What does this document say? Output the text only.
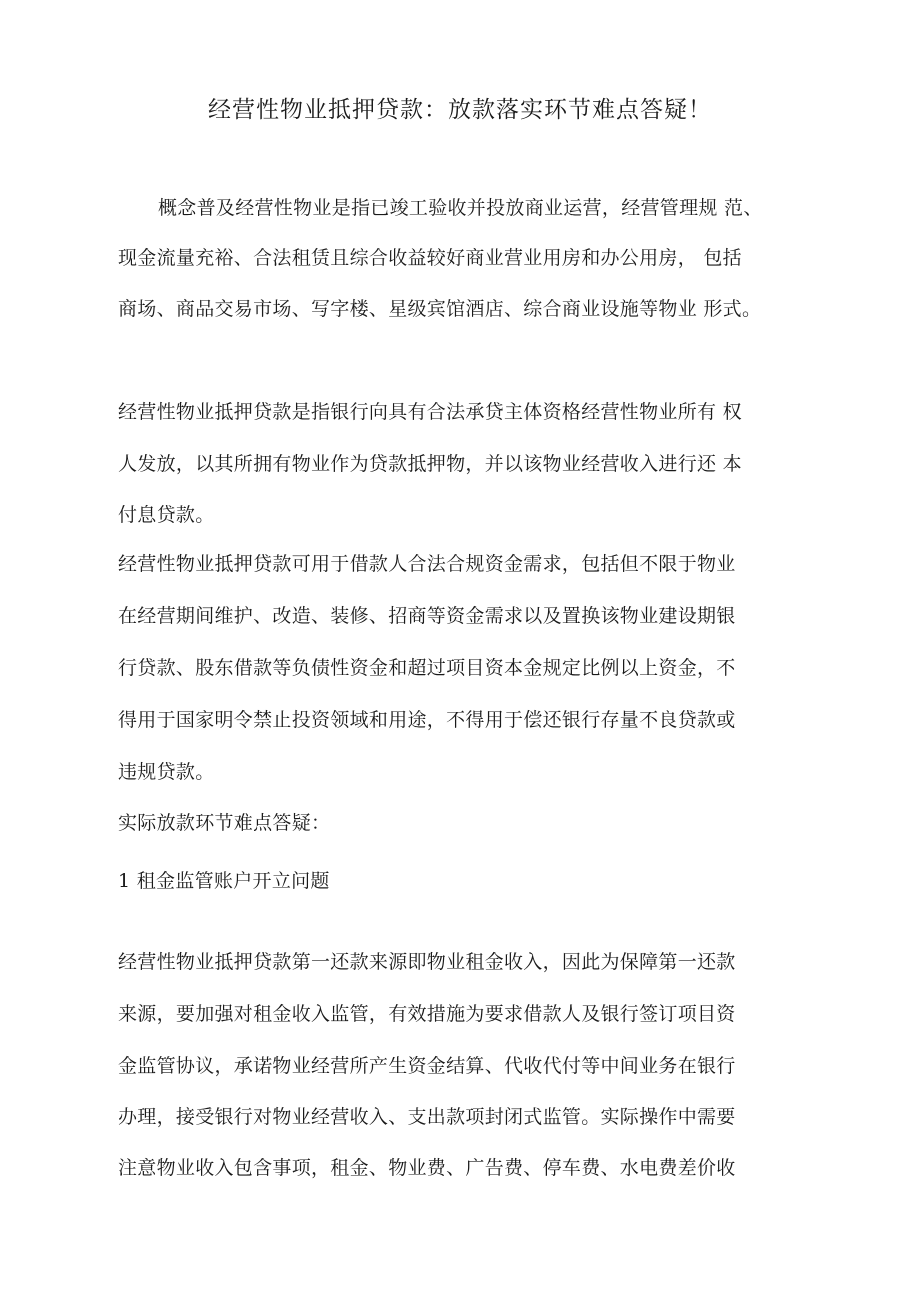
经营性物业抵押贷款：放款落实环节难点答疑！
概念普及经营性物业是指已竣工验收并投放商业运营，经营管理规 范、
现金流量充裕、合法租赁且综合收益较好商业营业用房和办公用房， 包括
商场、商品交易市场、写字楼、星级宾馆酒店、综合商业设施等物业 形式。
经营性物业抵押贷款是指银行向具有合法承贷主体资格经营性物业所有 权
人发放，以其所拥有物业作为贷款抵押物，并以该物业经营收入进行还 本
付息贷款。
经营性物业抵押贷款可用于借款人合法合规资金需求，包括但不限于物业
在经营期间维护、改造、装修、招商等资金需求以及置换该物业建设期银
行贷款、股东借款等负债性资金和超过项目资本金规定比例以上资金，不
得用于国家明令禁止投资领域和用途，不得用于偿还银行存量不良贷款或
违规贷款。
实际放款环节难点答疑：
1 租金监管账户开立问题
经营性物业抵押贷款第一还款来源即物业租金收入，因此为保障第一还款
来源，要加强对租金收入监管，有效措施为要求借款人及银行签订项目资
金监管协议，承诺物业经营所产生资金结算、代收代付等中间业务在银行
办理，接受银行对物业经营收入、支出款项封闭式监管。实际操作中需要
注意物业收入包含事项，租金、物业费、广告费、停车费、水电费差价收
